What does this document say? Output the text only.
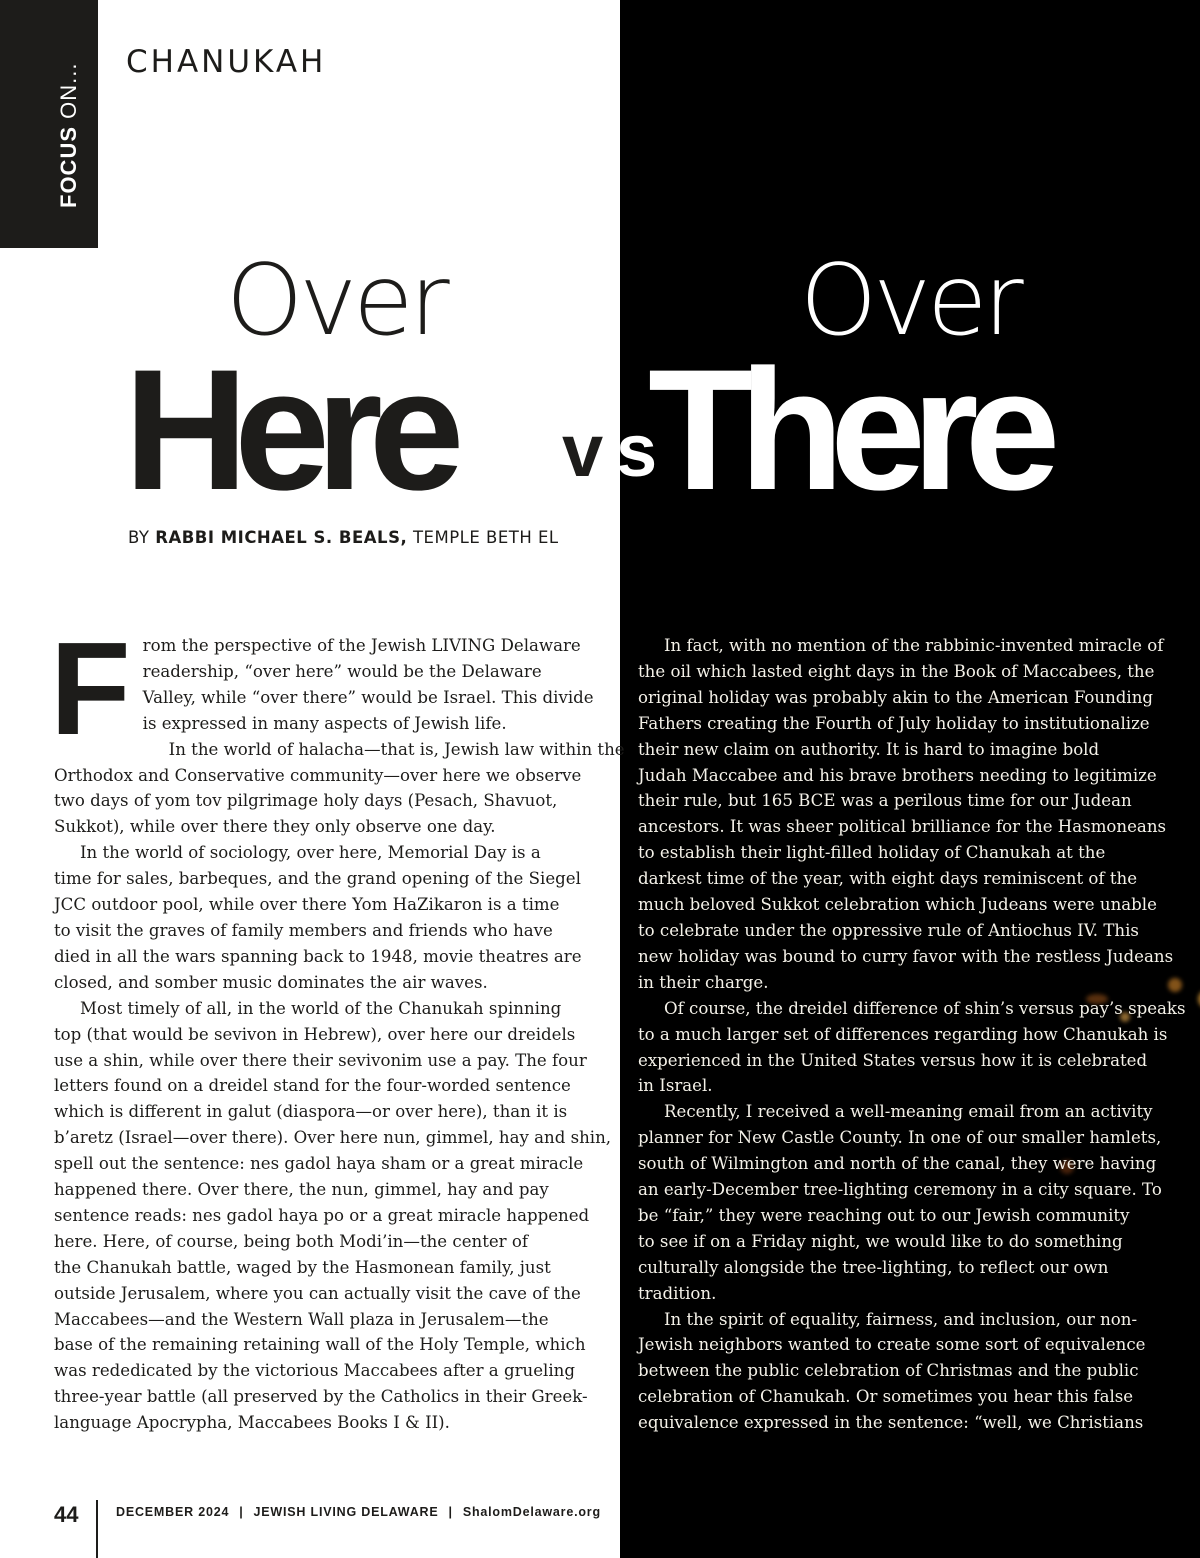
FOCUS ON...
CHANUKAH
Over	Over
Here v s
There
BY RABBI MICHAEL S. BEALS, TEMPLE BETH EL
F rom the perspective of the Jewish LIVING Delaware
readership, “over here” would be the Delaware
Valley, while “over there” would be Israel. This divide
is expressed in many aspects of Jewish life.

In the world of halacha—that is, Jewish law within the
Orthodox and Conservative community—over here we observe
two days of yom tov pilgrimage holy days (Pesach, Shavuot,
Sukkot), while over there they only observe one day.

In the world of sociology, over here, Memorial Day is a
time for sales, barbeques, and the grand opening of the Siegel
JCC outdoor pool, while over there Yom HaZikaron is a time
to visit the graves of family members and friends who have
died in all the wars spanning back to 1948, movie theatres are
closed, and somber music dominates the air waves.

Most timely of all, in the world of the Chanukah spinning
top (that would be sevivon in Hebrew), over here our dreidels
use a shin, while over there their sevivonim use a pay. The four
letters found on a dreidel stand for the four-worded sentence
which is different in galut (diaspora—or over here), than it is
b’aretz (Israel—over there). Over here nun, gimmel, hay and shin,
spell out the sentence: nes gadol haya sham or a great miracle
happened there. Over there, the nun, gimmel, hay and pay
sentence reads: nes gadol haya po or a great miracle happened
here. Here, of course, being both Modi’in—the center of
the Chanukah battle, waged by the Hasmonean family, just
outside Jerusalem, where you can actually visit the cave of the
Maccabees—and the Western Wall plaza in Jerusalem—the
base of the remaining retaining wall of the Holy Temple, which
was rededicated by the victorious Maccabees after a grueling
three-year battle (all preserved by the Catholics in their Greek-
language Apocrypha, Maccabees Books I & II).

In fact, with no mention of the rabbinic-invented miracle of
the oil which lasted eight days in the Book of Maccabees, the
original holiday was probably akin to the American Founding
Fathers creating the Fourth of July holiday to institutionalize
their new claim on authority. It is hard to imagine bold
Judah Maccabee and his brave brothers needing to legitimize
their rule, but 165 BCE was a perilous time for our Judean
ancestors. It was sheer political brilliance for the Hasmoneans
to establish their light-filled holiday of Chanukah at the
darkest time of the year, with eight days reminiscent of the
much beloved Sukkot celebration which Judeans were unable
to celebrate under the oppressive rule of Antiochus IV. This
new holiday was bound to curry favor with the restless Judeans
in their charge.

Of course, the dreidel difference of shin’s versus pay’s speaks
to a much larger set of differences regarding how Chanukah is
experienced in the United States versus how it is celebrated
in Israel.

Recently, I received a well-meaning email from an activity
planner for New Castle County. In one of our smaller hamlets,
south of Wilmington and north of the canal, they were having
an early-December tree-lighting ceremony in a city square. To
be “fair,” they were reaching out to our Jewish community
to see if on a Friday night, we would like to do something
culturally alongside the tree-lighting, to reflect our own
tradition.

In the spirit of equality, fairness, and inclusion, our non-
Jewish neighbors wanted to create some sort of equivalence
between the public celebration of Christmas and the public
celebration of Chanukah. Or sometimes you hear this false
equivalence expressed in the sentence: “well, we Christians

44	DECEMBER 2024 | JEWISH LIVING DELAWARE | ShalomDelaware.org
